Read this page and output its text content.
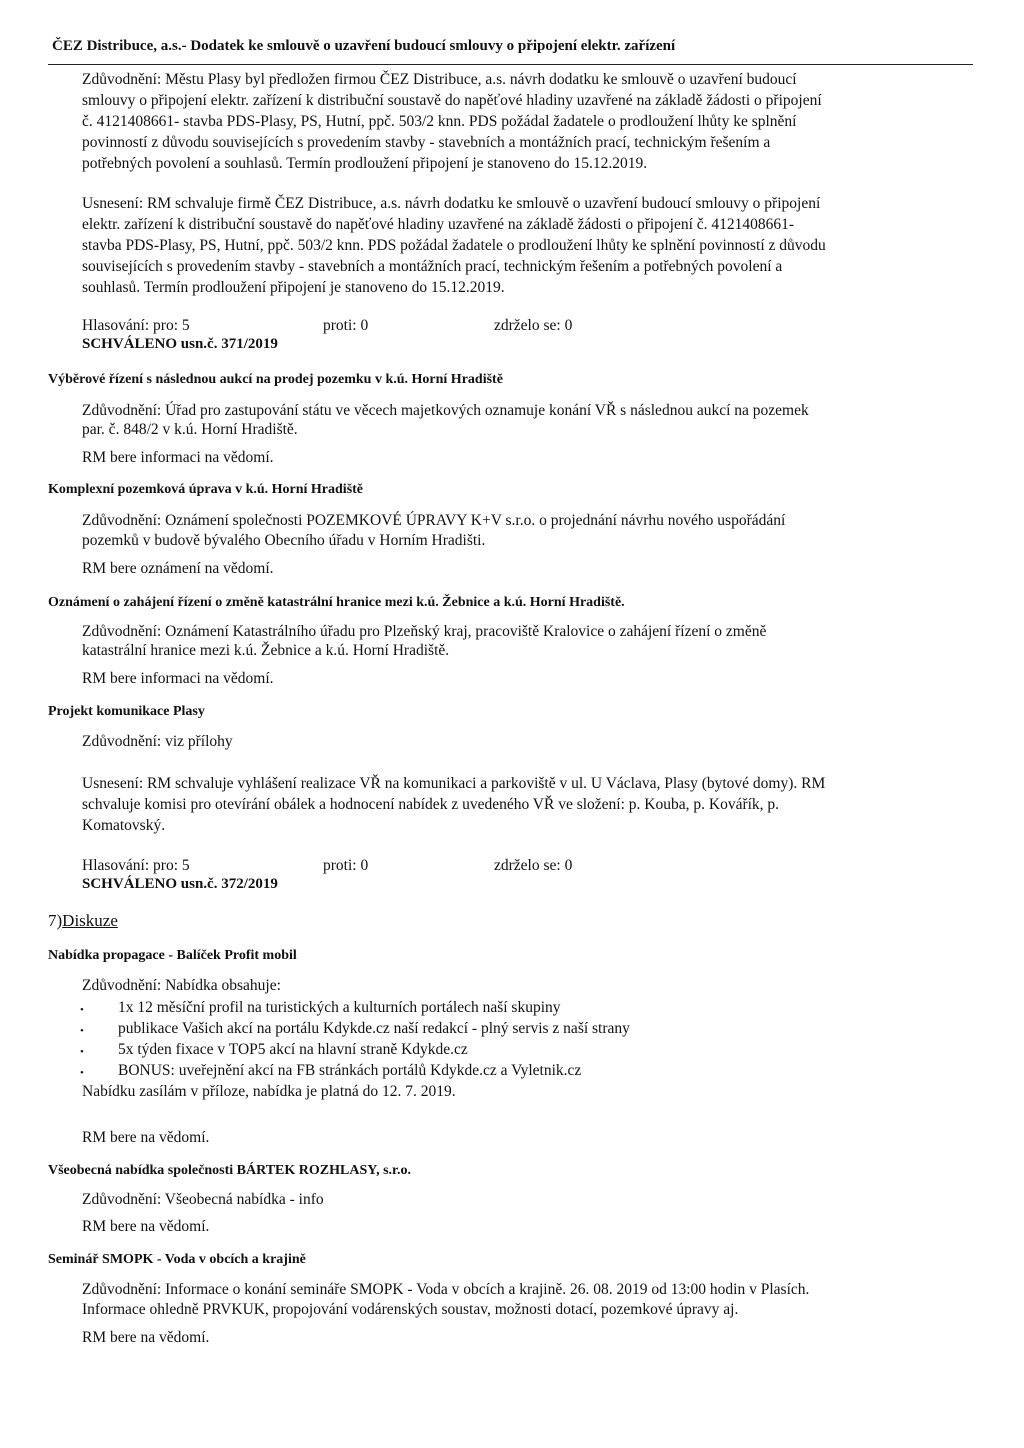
ČEZ Distribuce, a.s.- Dodatek ke smlouvě o uzavření budoucí smlouvy o připojení elektr. zařízení
Zdůvodnění: Městu Plasy byl předložen firmou ČEZ Distribuce, a.s. návrh dodatku ke smlouvě o uzavření budoucí
smlouvy o připojení elektr. zařízení k distribuční soustavě do napěťové hladiny uzavřené na základě žádosti o připojení
č. 4121408661- stavba PDS-Plasy, PS, Hutní, ppč. 503/2 knn. PDS požádal žadatele o prodloužení lhůty ke splnění
povinností z důvodu souvisejících s provedením stavby - stavebních a montážních prací, technickým řešením a
potřebných povolení a souhlasů. Termín prodloužení připojení je stanoveno do 15.12.2019.
Usnesení: RM schvaluje firmě ČEZ Distribuce, a.s. návrh dodatku ke smlouvě o uzavření budoucí smlouvy o připojení
elektr. zařízení k distribuční soustavě do napěťové hladiny uzavřené na základě žádosti o připojení č. 4121408661-
stavba PDS-Plasy, PS, Hutní, ppč. 503/2 knn. PDS požádal žadatele o prodloužení lhůty ke splnění povinností z důvodu
souvisejících s provedením stavby - stavebních a montážních prací, technickým řešením a potřebných povolení a
souhlasů. Termín prodloužení připojení je stanoveno do 15.12.2019.
Hlasování: pro: 5	proti: 0	zdrželo se: 0
SCHVÁLENO usn.č. 371/2019
Výběrové řízení s následnou aukcí na prodej pozemku v k.ú. Horní Hradiště
Zdůvodnění: Úřad pro zastupování státu ve věcech majetkových oznamuje konání VŘ s následnou aukcí na pozemek
par. č. 848/2 v k.ú. Horní Hradiště.
RM bere informaci na vědomí.
Komplexní pozemková úprava v k.ú. Horní Hradiště
Zdůvodnění: Oznámení společnosti POZEMKOVÉ ÚPRAVY K+V s.r.o. o projednání návrhu nového uspořádání
pozemků v budově bývalého Obecního úřadu v Horním Hradišti.
RM bere oznámení na vědomí.
Oznámení o zahájení řízení o změně katastrální hranice mezi k.ú. Žebnice a k.ú. Horní Hradiště.
Zdůvodnění: Oznámení Katastrálního úřadu pro Plzeňský kraj, pracoviště Kralovice o zahájení řízení o změně
katastrální hranice mezi k.ú. Žebnice a k.ú. Horní Hradiště.
RM bere informaci na vědomí.
Projekt komunikace Plasy
Zdůvodnění: viz přílohy
Usnesení: RM schvaluje vyhlášení realizace VŘ na komunikaci a parkoviště v ul. U Václava, Plasy (bytové domy). RM
schvaluje komisi pro otevírání obálek a hodnocení nabídek z uvedeného VŘ ve složení: p. Kouba, p. Kovářík, p.
Komatovský.
Hlasování: pro: 5	proti: 0	zdrželo se: 0
SCHVÁLENO usn.č. 372/2019
7)Diskuze
Nabídka propagace - Balíček Profit mobil
Zdůvodnění: Nabídka obsahuje:
• 1x 12 měsíční profil na turistických a kulturních portálech naší skupiny
• publikace Vašich akcí na portálu Kdykde.cz naší redakcí - plný servis z naší strany
• 5x týden fixace v TOP5 akcí na hlavní straně Kdykde.cz
• BONUS: uveřejnění akcí na FB stránkách portálů Kdykde.cz a Vyletnik.cz
Nabídku zasílám v příloze, nabídka je platná do 12. 7. 2019.
RM bere na vědomí.
Všeobecná nabídka společnosti BÁRTEK ROZHLASY, s.r.o.
Zdůvodnění: Všeobecná nabídka - info
RM bere na vědomí.
Seminář SMOPK - Voda v obcích a krajině
Zdůvodnění: Informace o konání semináře SMOPK - Voda v obcích a krajině. 26. 08. 2019 od 13:00 hodin v Plasích.
Informace ohledně PRVKUK, propojování vodárenských soustav, možnosti dotací, pozemkové úpravy aj.
RM bere na vědomí.
